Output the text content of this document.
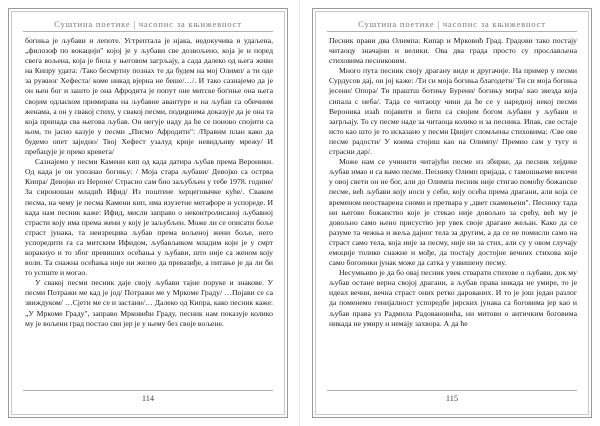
Суштина поетике | часопис за књижевност

богиња је љубави и лепоте. Устрептала је нјака, недокучива и удаљена, „филозоф по вокацији" којој је у љубави све дозвољено, која је и поред свега вољена, која је била у његовом загрљају, а сада далеко од њега живи на Кипру удата: /Тако бесмртну познах те да будем на мој Олимп/ а ти оде за ружног Хефеста/ коме никад вјерна не беше/…/. И тако сазнајемо да је он њен бог и зашто је она Афродита је попут оне митске богиње она њега својим одласком примирава на љубавне авантуре и на љубав са обичним женама, а он у свакој стиху, у свакој песми, подиgнима доказује да је она та која припада сва његова љубав. Он негује наду да ће се поново спојити са њом, то јасно казује у песми „Писмо Афродити": /Правим план како да будемо опет заједно/ Твој Хефест узалуд криje невидљиву мрежу/ И пребацује је преко кревета/

Сазнајемо у песми Камени кип од када датира љубав према Вероники. Од када је он упознао богињу: / Моја стара љубави/ Девојко са острва Кипра/ Девојко из Нероне/ Страсно сам био заљубљен у тебе 1978. године/ За сироношан младић Ифид/ Из поштене херцеговачке куће/. Сваком песма, на чему је песма Камени кип, има изузетне метафоре и успореде. И када нам песник каже: Ифид, мисли заправо о неконтролисаној љубавној страсти коју има према жени у коју је заљубљен. Може ли се описати боље страст јунака, та неизрецива љубав према вољеној жени боље, него успоредити га са митским Ифидом, љубављиком младим који је у смрт коракнуо и то због превиших осећања у љубави, што није са женом коју воли. Та снажна осећања није ни желео да превазиђе, а питање је да ли би то успште и могао.

У свакој песми песник даје своју љубави тајне поруке и знакове. У песми Потражи ме кад је јод/ Потражи ме у Мркоме Граду/ …Појави се са звиждуком/ …Сјети ме се и застани/… Далеко од Кипра, како песник каже: „У Мркоме Граду", заправо Мрковићи Граду, песник нам показује колико му је вољени град постао сви јер је у њему без своје вољене.

114
Суштина поетике | часопис за књижевност

Песник прави два Олимпа: Кипар и Мрковић Град. Градови тако постају читаоцу значајни и велики. Ова два града просто су прослављена стиховима песниковим.

Много пута песник своју драгану виде и другачије. На пример у песми Сурдусов дај, он јој каже: /Ти си моја богиња благодети/ Ти си моја богиња јесени/ Опора/ Ти праштш ботињу Бурени/ богињу мира/ као звезда која сипала с неба/. Тада се читаоцу чини да ће се у наредној некој песми Вероника изаћ појавити и бити са својим богом љубави у љубави и загрљају. То су песме наде за читаоца колико и за песника. Ипак, све остаје исто као што је то исказано у песми Цвијет сломљены стиховима: /Све ове песме радости/ У коима стојиш као на Олимпу/ Премио сам у тугу и страсни дар/.

Може нам се учинити читајући песме из збирке, да песник хејдике љубав имао и са вамо песме. Песнику Олимп пријада, с тамошњеме висечи у овој свети он не бог, али до Олимпа песник није стигао помоћу божанске песме, већ љубави коју носи у себи, коју осећа према драгани, али која се временом неостварена сноми и претвара у „цвет скамењени". Песнику тада ни његово божанство које је стекао није довољно за срећу, већ му је довољно само њено присуство јер увек своје драгане жељан. Како да се разуме та чежња и жеља дајног тела за другим, а да се не помисли само на страст само тела, која није за песму, није ни за стих, али су у овом случају емоције толико снажне и мође, да постају достојне вечних стихова које само богоинки јунак може да сатка у узвишену песму.

Несумњиво је да бо овај песник увек стварати стихове о љубави, док му љубав остане верна својој драгани, а љубав права никада не умире, то је идеал вечни, вечна страст оних ретко дарованих. И то је још један разлог да поменемо генијалност успоредбе јирских јунака са боговима јер као и љубав права уз Радмила Радовановића, ни митови о античким боговима никада не умиру и немају захвора. А да ће

115
